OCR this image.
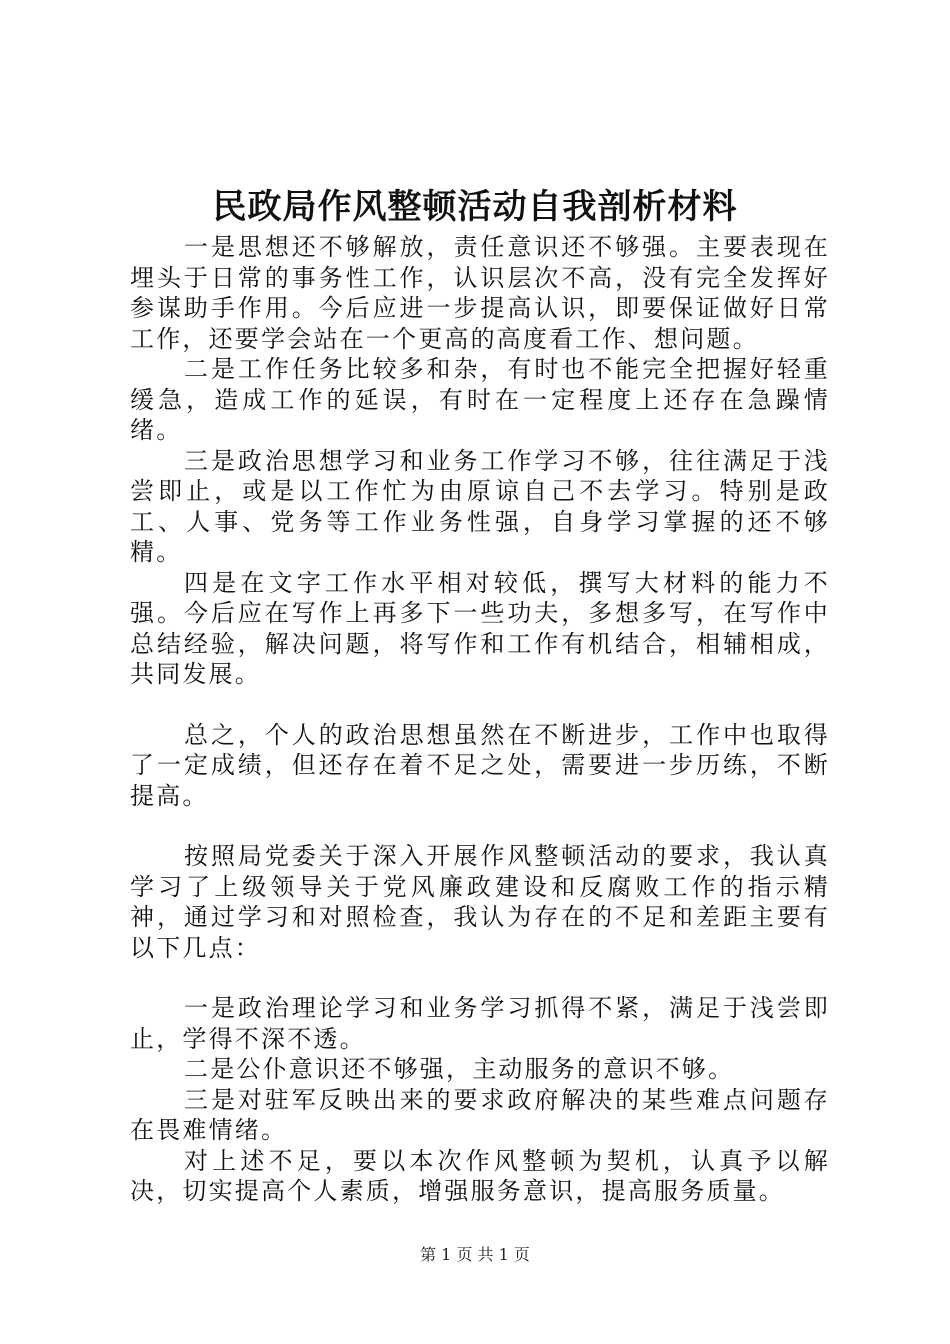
民政局作风整顿活动自我剖析材料

一是思想还不够解放，责任意识还不够强。主要表现在埋头于日常的事务性工作，认识层次不高，没有完全发挥好参谋助手作用。今后应进一步提高认识，即要保证做好日常工作，还要学会站在一个更高的高度看工作、想问题。

二是工作任务比较多和杂，有时也不能完全把握好轻重缓急，造成工作的延误，有时在一定程度上还存在急躁情绪。

三是政治思想学习和业务工作学习不够，往往满足于浅尝即止，或是以工作忙为由原谅自己不去学习。特别是政工、人事、党务等工作业务性强，自身学习掌握的还不够精。

四是在文字工作水平相对较低，撰写大材料的能力不强。今后应在写作上再多下一些功夫，多想多写，在写作中总结经验，解决问题，将写作和工作有机结合，相辅相成，共同发展。

总之，个人的政治思想虽然在不断进步，工作中也取得了一定成绩，但还存在着不足之处，需要进一步历练，不断提高。

按照局党委关于深入开展作风整顿活动的要求，我认真学习了上级领导关于党风廉政建设和反腐败工作的指示精神，通过学习和对照检查，我认为存在的不足和差距主要有以下几点：

一是政治理论学习和业务学习抓得不紧，满足于浅尝即止，学得不深不透。

二是公仆意识还不够强，主动服务的意识不够。

三是对驻军反映出来的要求政府解决的某些难点问题存在畏难情绪。

对上述不足，要以本次作风整顿为契机，认真予以解决，切实提高个人素质，增强服务意识，提高服务质量。

第 1 页 共 1 页
